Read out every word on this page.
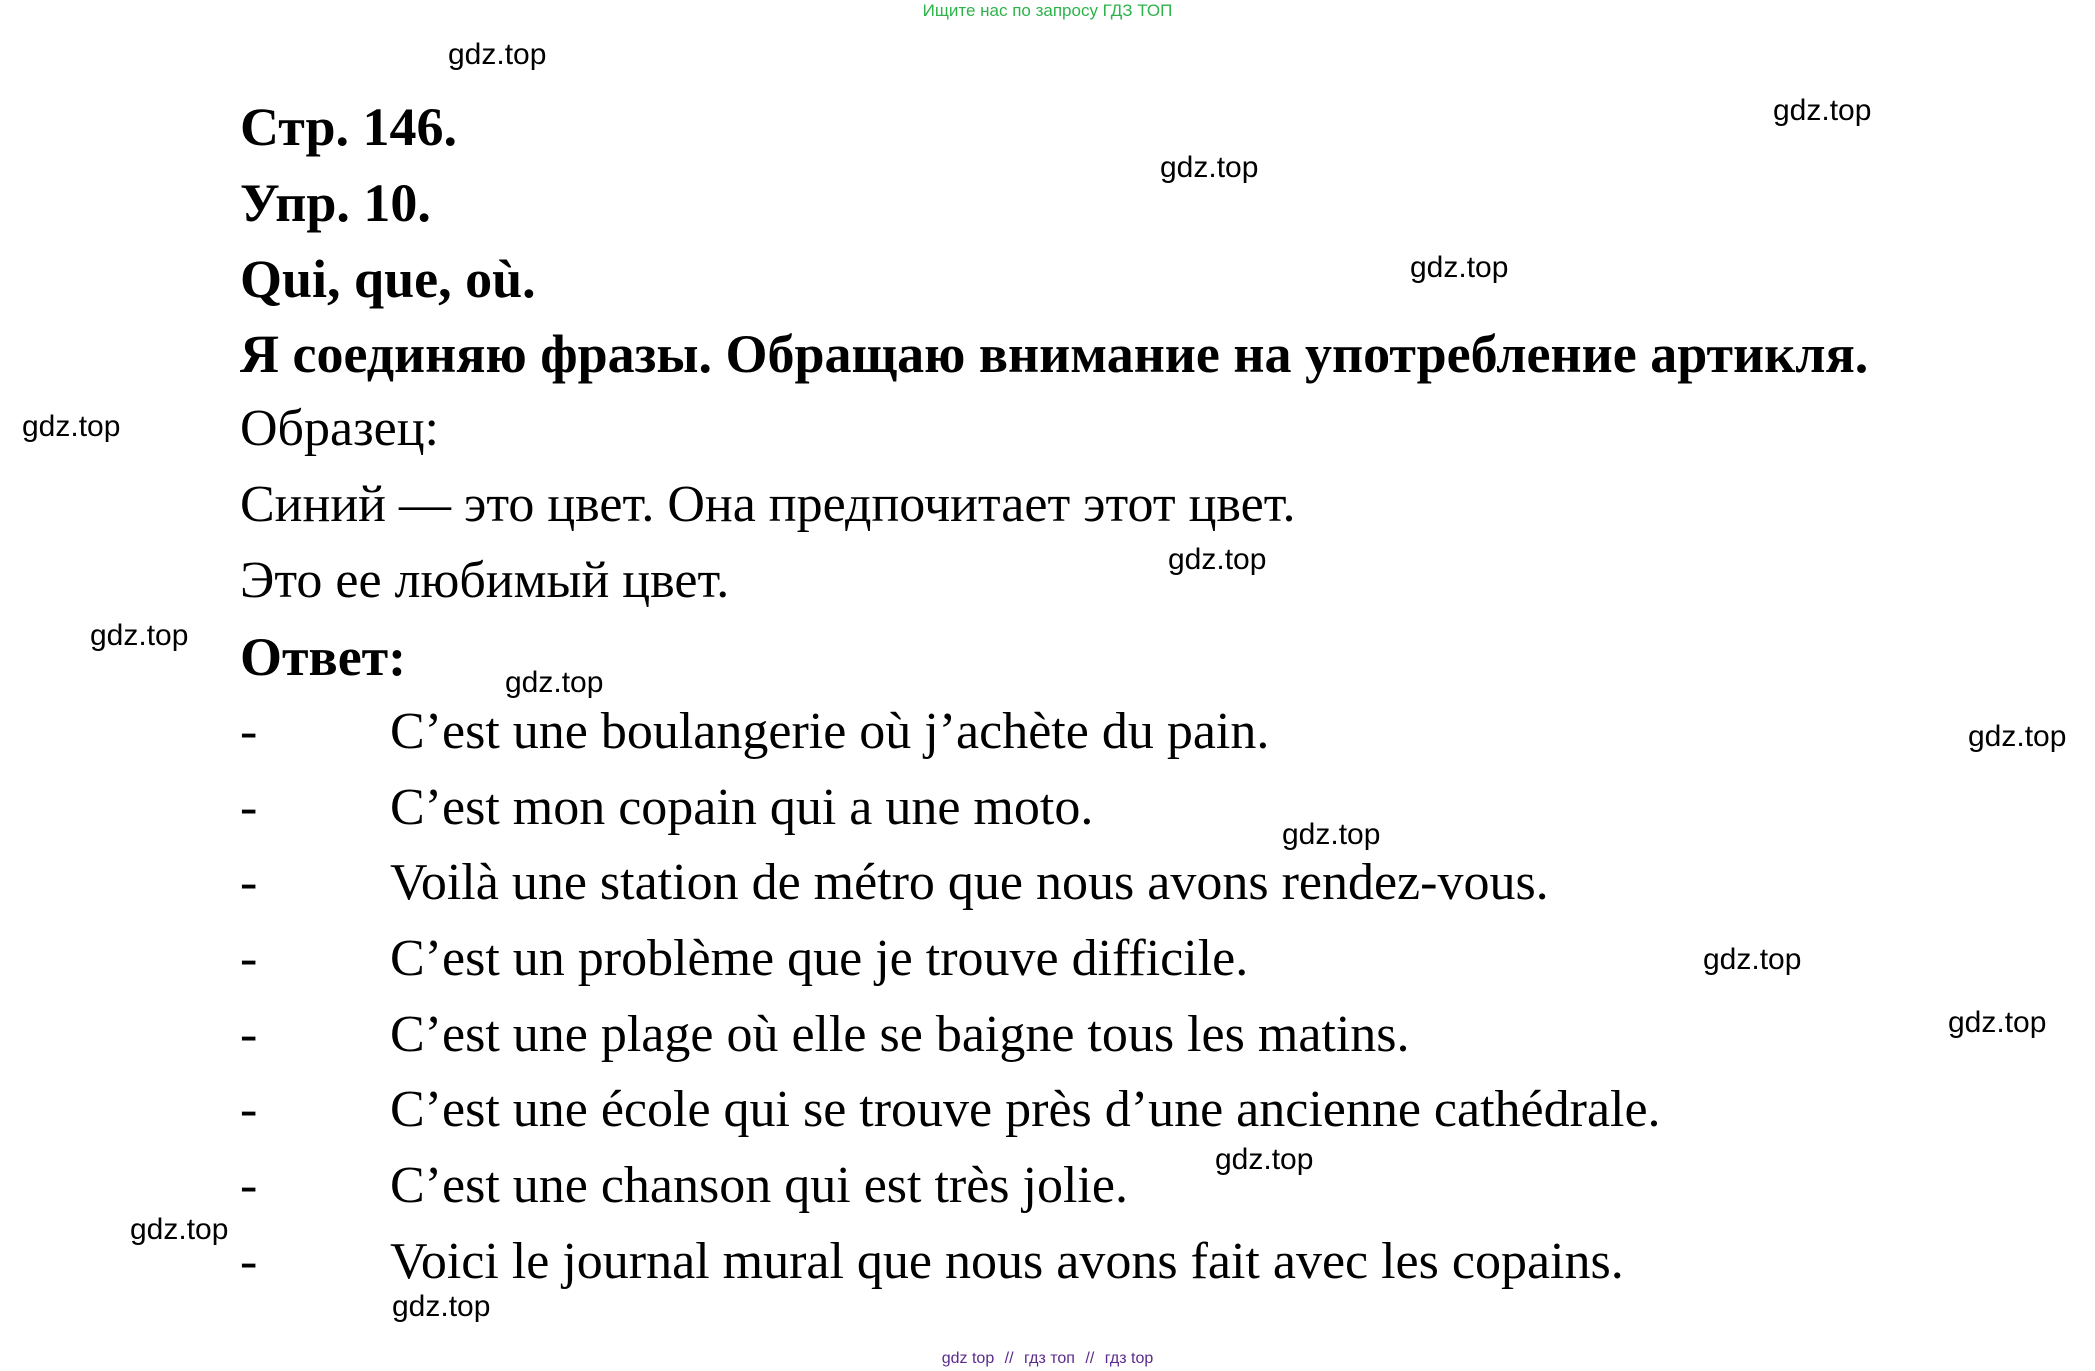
Ищите нас по запросу ГДЗ ТОП
Стр. 146.
Упр. 10.
Qui, que, où.
Я соединяю фразы. Обращаю внимание на употребление артикля.
Образец:
Синий — это цвет. Она предпочитает этот цвет.
Это ее любимый цвет.
Ответ:
-	C’est une boulangerie où j’achète du pain.
-	C’est mon copain qui a une moto.
-	Voilà une station de métro que nous avons rendez-vous.
-	C’est un problème que je trouve difficile.
-	C’est une plage où elle se baigne tous les matins.
-	C’est une école qui se trouve près d’une ancienne cathédrale.
-	C’est une chanson qui est très jolie.
-	Voici le journal mural que nous avons fait avec les copains.
gdz.top
gdz.top
gdz.top
gdz.top
gdz.top
gdz.top
gdz.top
gdz.top
gdz.top
gdz.top
gdz.top
gdz.top
gdz.top
gdz.top
gdz.top
gdz top // гдз топ // гдз top
